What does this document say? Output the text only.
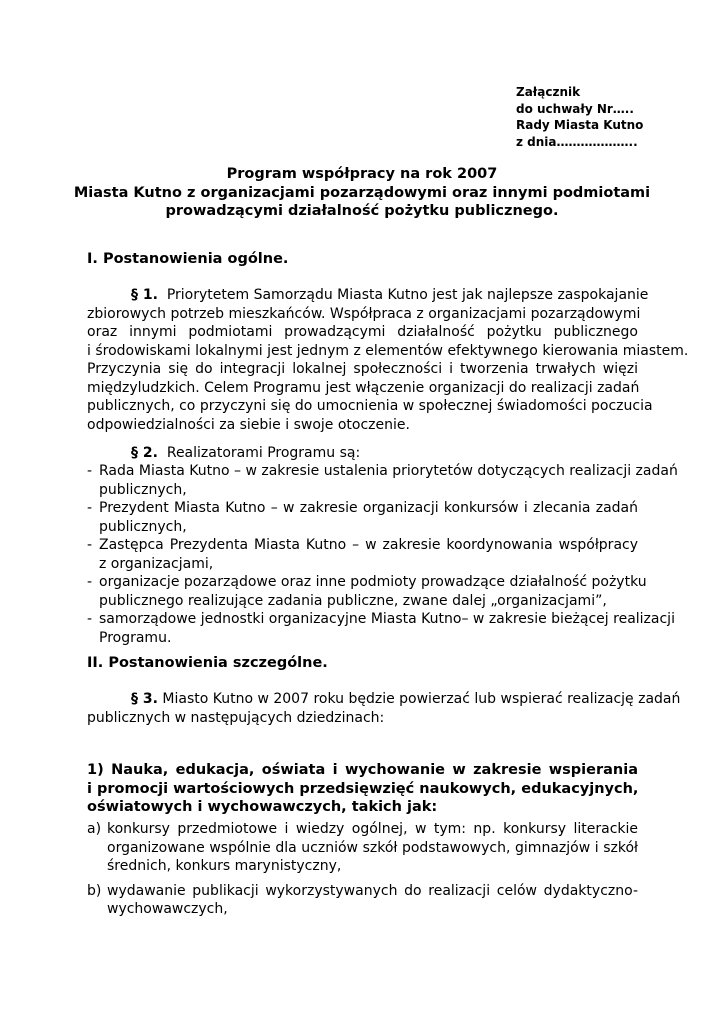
Załącznik
do uchwały Nr…..
Rady Miasta Kutno
z dnia………………..
Program współpracy na rok 2007
Miasta Kutno z organizacjami pozarządowymi oraz innymi podmiotami
prowadzącymi działalność pożytku publicznego.
I. Postanowienia ogólne.
§ 1. Priorytetem Samorządu Miasta Kutno jest jak najlepsze zaspokajanie
zbiorowych potrzeb mieszkańców. Współpraca z organizacjami pozarządowymi
oraz innymi podmiotami prowadzącymi działalność pożytku publicznego
i środowiskami lokalnymi jest jednym z elementów efektywnego kierowania miastem.
Przyczynia się do integracji lokalnej społeczności i tworzenia trwałych więzi
międzyludzkich. Celem Programu jest włączenie organizacji do realizacji zadań
publicznych, co przyczyni się do umocnienia w społecznej świadomości poczucia
odpowiedzialności za siebie i swoje otoczenie.
§ 2. Realizatorami Programu są:
- Rada Miasta Kutno – w zakresie ustalenia priorytetów dotyczących realizacji zadań
publicznych,
- Prezydent Miasta Kutno – w zakresie organizacji konkursów i zlecania zadań
publicznych,
- Zastępca Prezydenta Miasta Kutno – w zakresie koordynowania współpracy
z organizacjami,
- organizacje pozarządowe oraz inne podmioty prowadzące działalność pożytku
publicznego realizujące zadania publiczne, zwane dalej „organizacjami”,
- samorządowe jednostki organizacyjne Miasta Kutno– w zakresie bieżącej realizacji
Programu.
II. Postanowienia szczególne.
§ 3. Miasto Kutno w 2007 roku będzie powierzać lub wspierać realizację zadań
publicznych w następujących dziedzinach:
1) Nauka, edukacja, oświata i wychowanie w zakresie wspierania
i promocji wartościowych przedsięwzięć naukowych, edukacyjnych,
oświatowych i wychowawczych, takich jak:
a) konkursy przedmiotowe i wiedzy ogólnej, w tym: np. konkursy literackie
organizowane wspólnie dla uczniów szkół podstawowych, gimnazjów i szkół
średnich, konkurs marynistyczny,
b) wydawanie publikacji wykorzystywanych do realizacji celów dydaktyczno-
wychowawczych,
